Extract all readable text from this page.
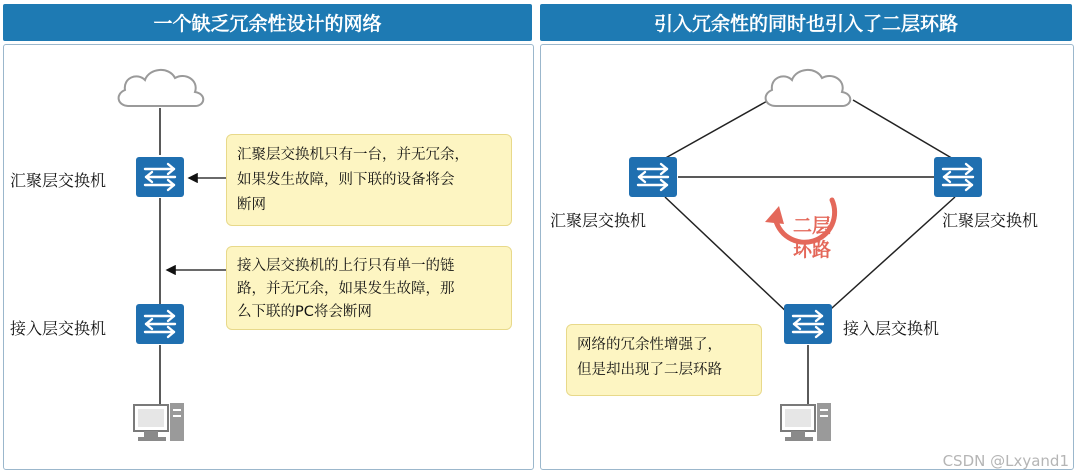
一个缺乏冗余性设计的网络	引入冗余性的同时也引入了二层环路
汇聚层交换机
接入层交换机
汇聚层交换机只有一台，并无冗余，
如果发生故障，则下联的设备将会
断网
接入层交换机的上行只有单一的链
路，并无冗余，如果发生故障，那
么下联的PC将会断网
汇聚层交换机	汇聚层交换机
接入层交换机
二层
环路
网络的冗余性增强了，
但是却出现了二层环路
CSDN @Lxyand1
